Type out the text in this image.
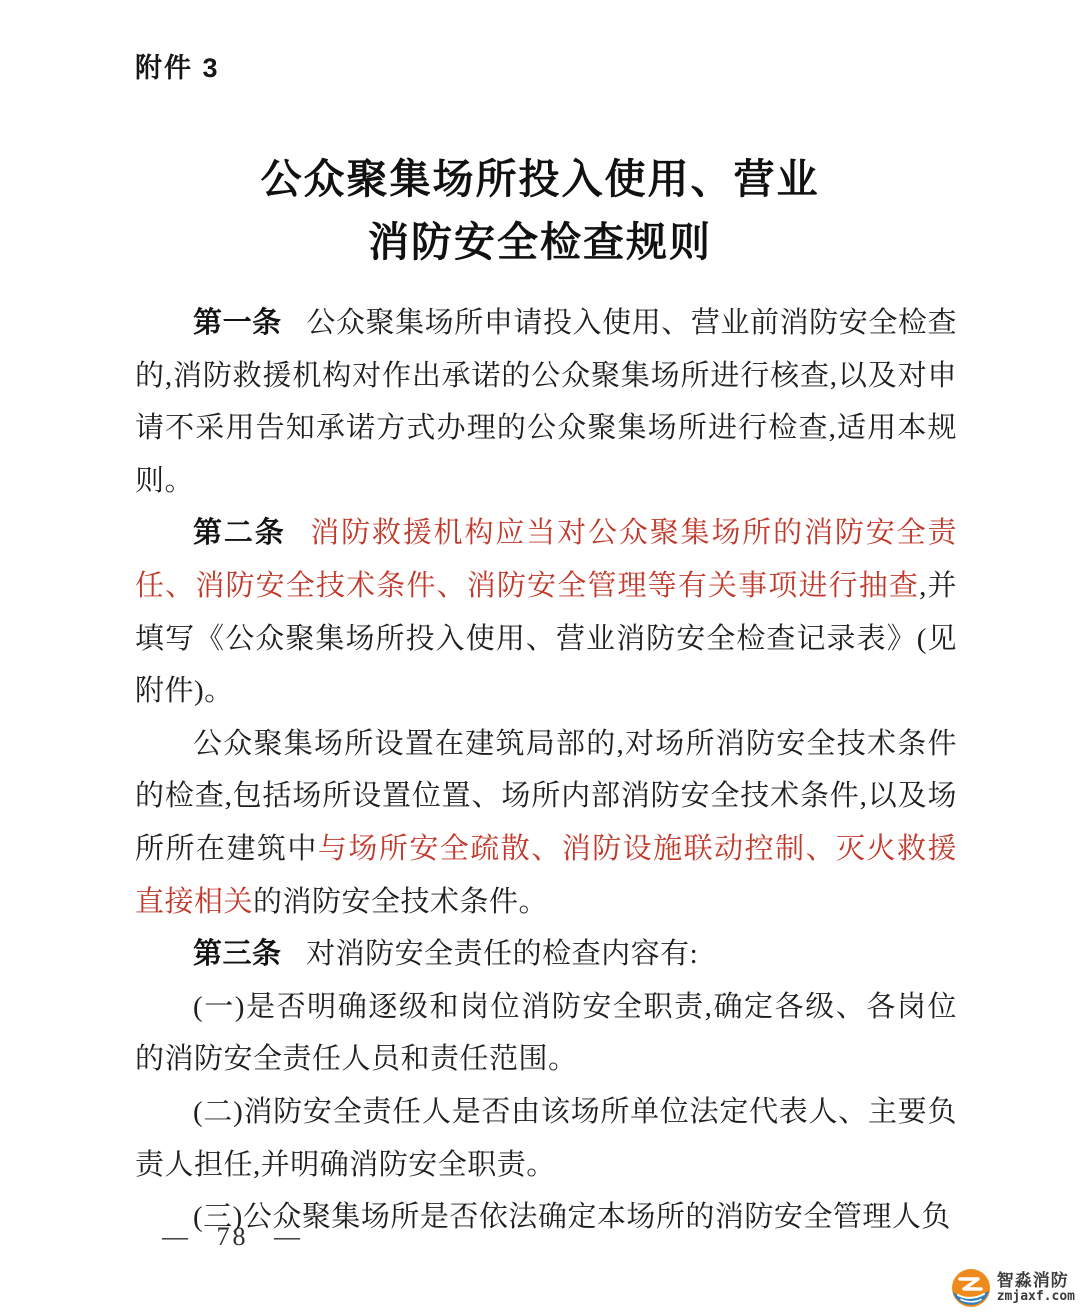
附件 3
公众聚集场所投入使用、营业
消防安全检查规则

第一条 公众聚集场所申请投入使用、营业前消防安全检查的,消防救援机构对作出承诺的公众聚集场所进行核查,以及对申请不采用告知承诺方式办理的公众聚集场所进行检查,适用本规则。

第二条 消防救援机构应当对公众聚集场所的消防安全责任、消防安全技术条件、消防安全管理等有关事项进行抽查,并填写《公众聚集场所投入使用、营业消防安全检查记录表》(见附件)。

公众聚集场所设置在建筑局部的,对场所消防安全技术条件的检查,包括场所设置位置、场所内部消防安全技术条件,以及场所所在建筑中与场所安全疏散、消防设施联动控制、灭火救援直接相关的消防安全技术条件。

第三条 对消防安全责任的检查内容有:

(一)是否明确逐级和岗位消防安全职责,确定各级、各岗位的消防安全责任人员和责任范围。

(二)消防安全责任人是否由该场所单位法定代表人、主要负责人担任,并明确消防安全职责。

(三)公众聚集场所是否依法确定本场所的消防安全管理人负

— 78 —
智淼消防
zmjaxf.com
